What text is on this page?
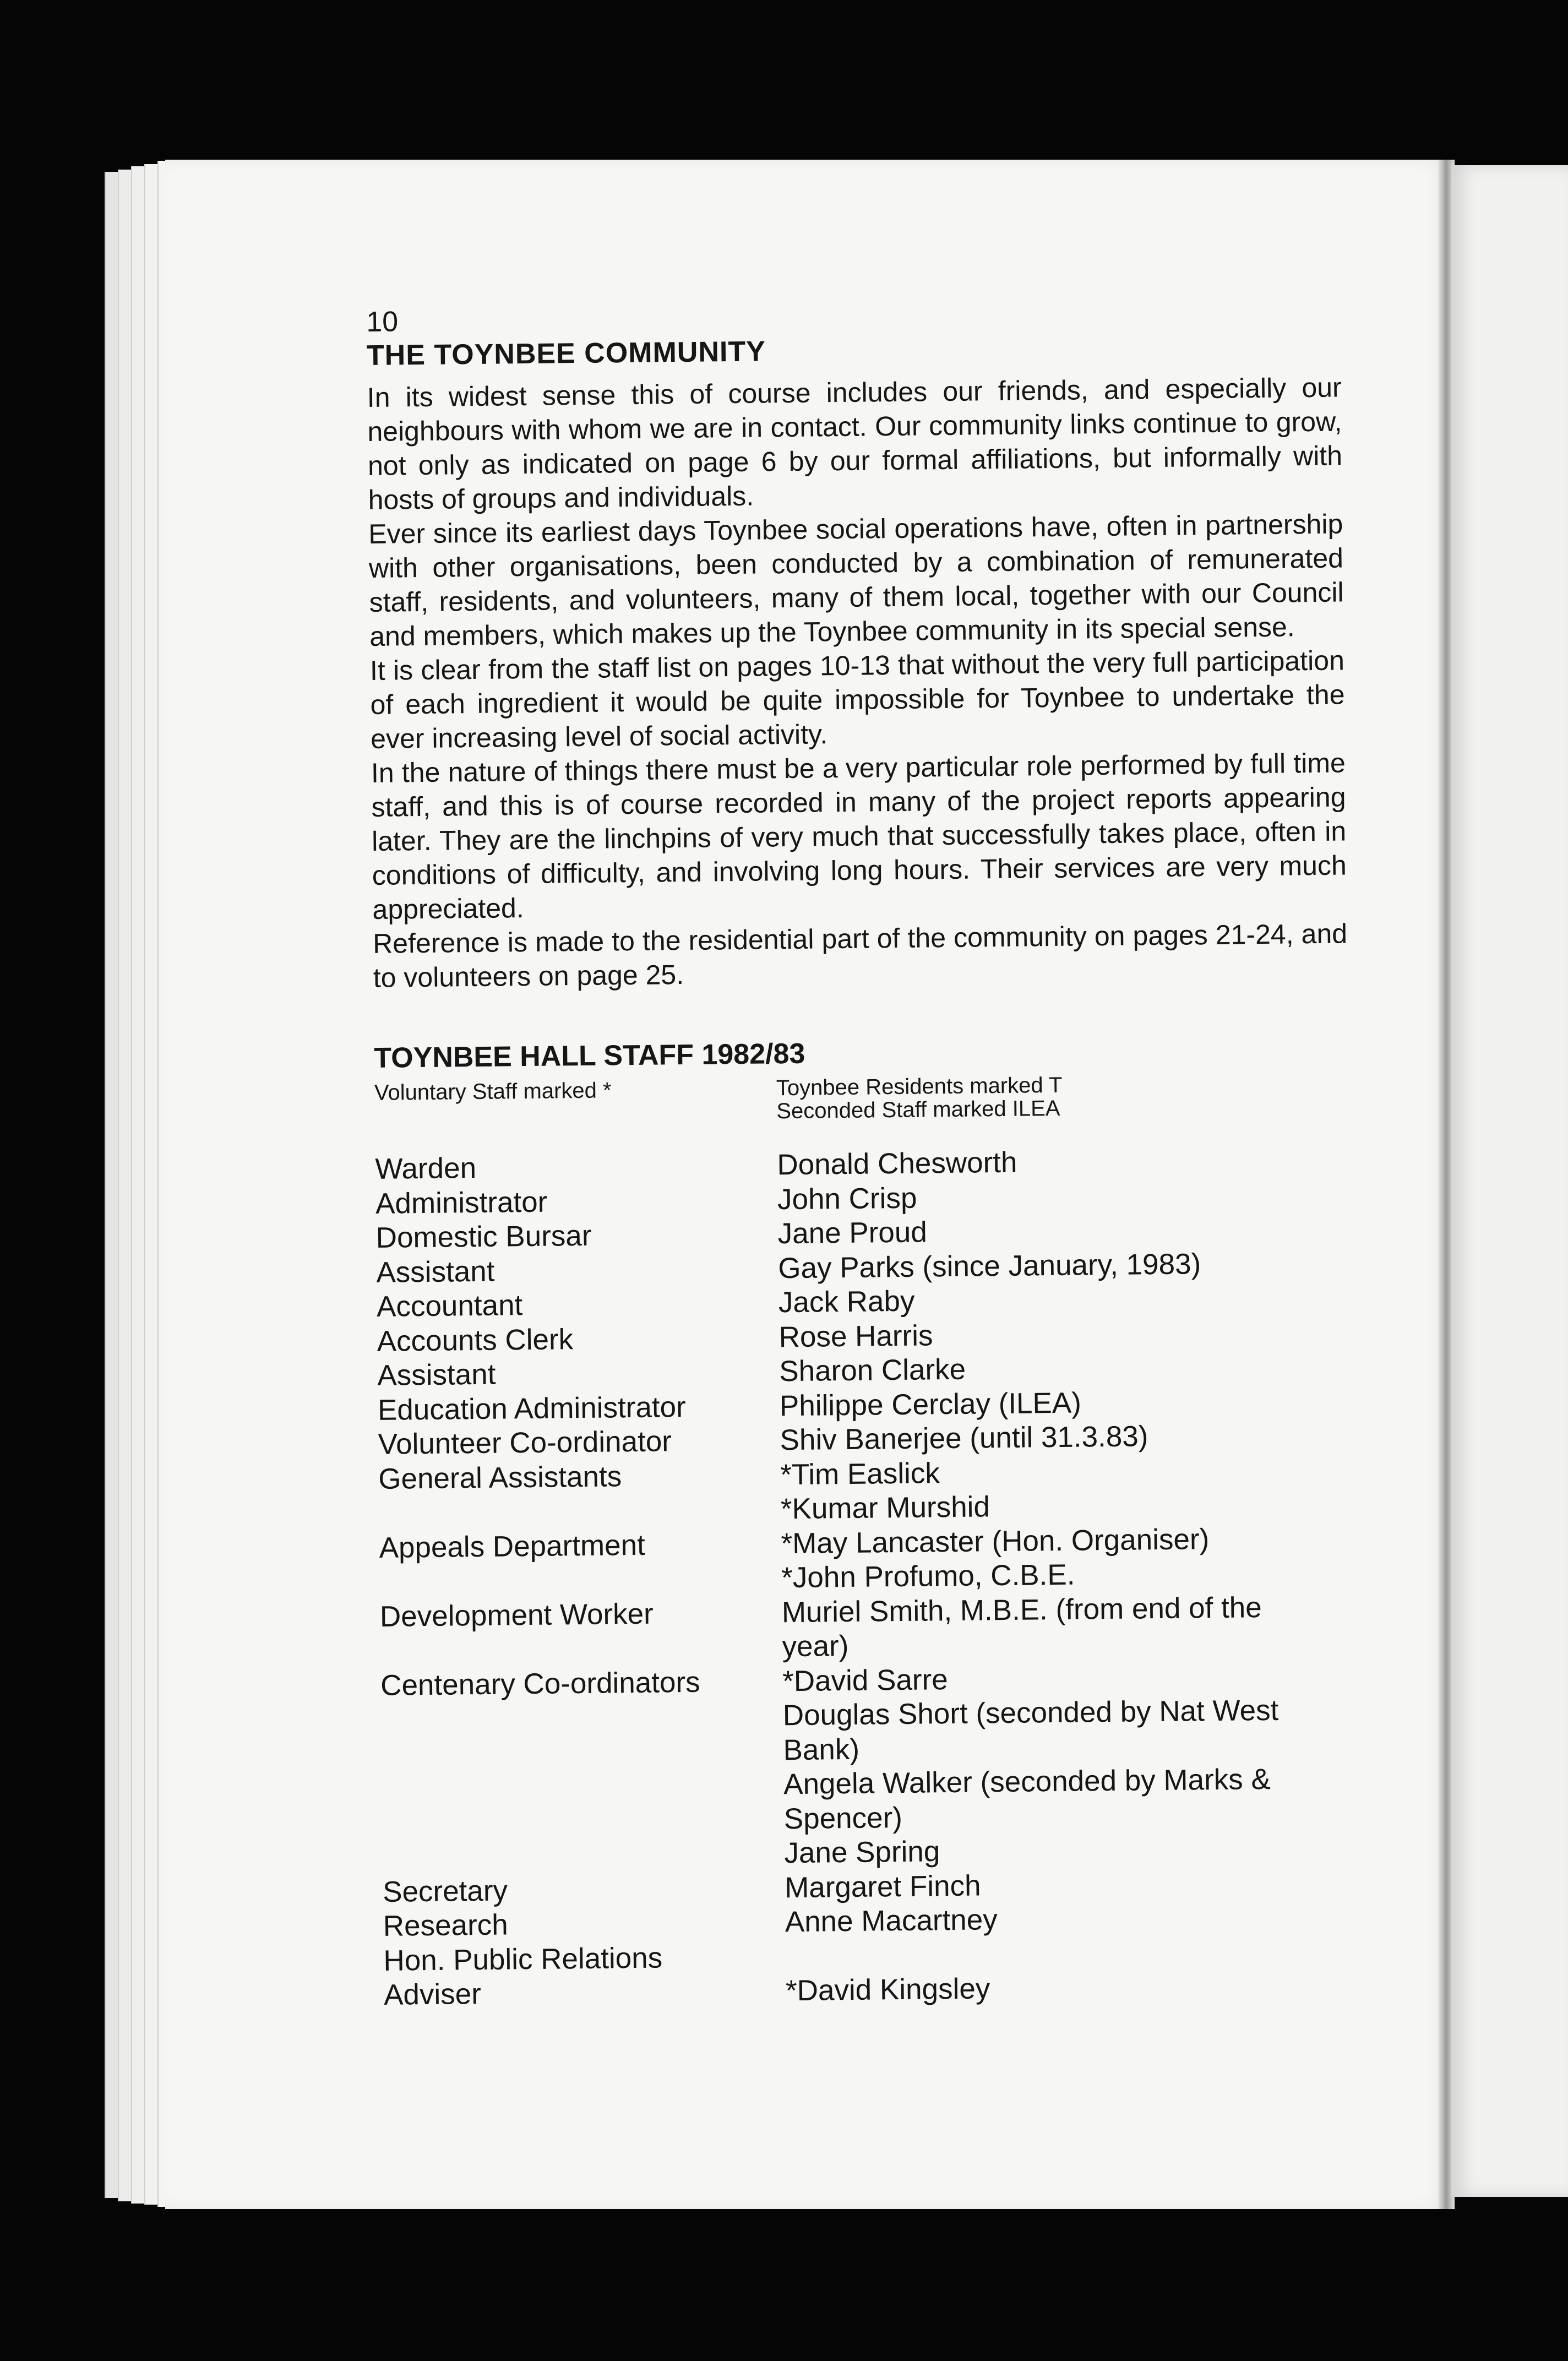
10

THE TOYNBEE COMMUNITY

In its widest sense this of course includes our friends, and especially our neighbours with whom we are in contact. Our community links continue to grow, not only as indicated on page 6 by our formal affiliations, but informally with hosts of groups and individuals.

Ever since its earliest days Toynbee social operations have, often in partnership with other organisations, been conducted by a combination of remunerated staff, residents, and volunteers, many of them local, together with our Council and members, which makes up the Toynbee community in its special sense.

It is clear from the staff list on pages 10-13 that without the very full participation of each ingredient it would be quite impossible for Toynbee to undertake the ever increasing level of social activity.

In the nature of things there must be a very particular role performed by full time staff, and this is of course recorded in many of the project reports appearing later. They are the linchpins of very much that successfully takes place, often in conditions of difficulty, and involving long hours. Their services are very much appreciated.

Reference is made to the residential part of the community on pages 21-24, and to volunteers on page 25.

TOYNBEE HALL STAFF 1982/83
Voluntary Staff marked *	Toynbee Residents marked T
Seconded Staff marked ILEA
Warden	Donald Chesworth
Administrator	John Crisp
Domestic Bursar	Jane Proud
Assistant	Gay Parks (since January, 1983)
Accountant	Jack Raby
Accounts Clerk	Rose Harris
Assistant	Sharon Clarke
Education Administrator	Philippe Cerclay (ILEA)
Volunteer Co-ordinator	Shiv Banerjee (until 31.3.83)
General Assistants	*Tim Easlick
*Kumar Murshid
Appeals Department	*May Lancaster (Hon. Organiser)
*John Profumo, C.B.E.
Development Worker	Muriel Smith, M.B.E. (from end of the
year)
Centenary Co-ordinators	*David Sarre
Douglas Short (seconded by Nat West
Bank)
Angela Walker (seconded by Marks &
Spencer)
Jane Spring
Secretary	Margaret Finch
Research	Anne Macartney
Hon. Public Relations

Adviser	*David Kingsley
